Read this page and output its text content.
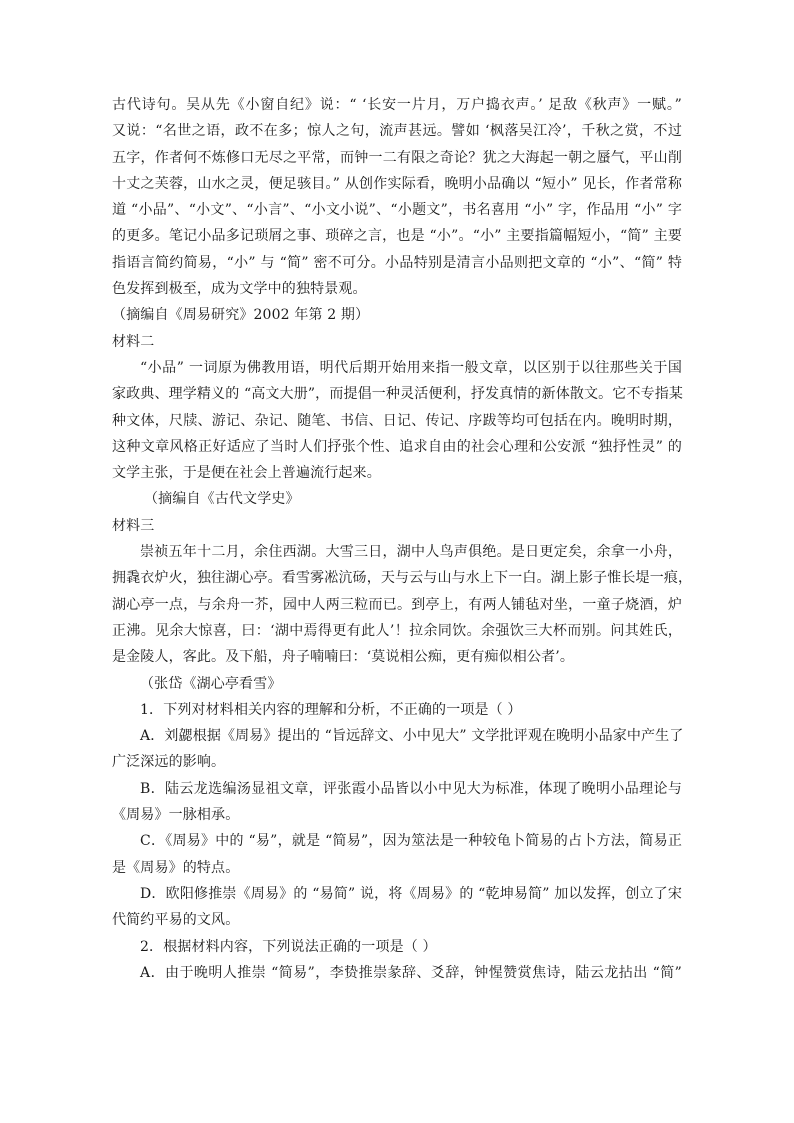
古代诗句。吴从先《小窗自纪》说：“ ‘长安一片月，万户捣衣声。’ 足敌《秋声》一赋。”
又说：“名世之语，政不在多；惊人之句，流声甚远。譬如 ‘枫落吴江冷’，千秋之赏，不过
五字，作者何不炼修口无尽之平常，而钟一二有限之奇论？犹之大海起一朝之蜃气，平山削
十丈之芙蓉，山水之灵，便足骇目。” 从创作实际看，晚明小品确以 “短小” 见长，作者常称
道 “小品”、“小文”、“小言”、“小文小说”、“小题文”，书名喜用 “小” 字，作品用 “小” 字
的更多。笔记小品多记琐屑之事、琐碎之言，也是 “小”。“小” 主要指篇幅短小，“简” 主要
指语言简约简易，“小” 与 “简” 密不可分。小品特别是清言小品则把文章的 “小”、“简” 特
色发挥到极至，成为文学中的独特景观。
（摘编自《周易研究》2002 年第 2 期）
材料二
“小品” 一词原为佛教用语，明代后期开始用来指一般文章，以区别于以往那些关于国
家政典、理学精义的 “高文大册”，而提倡一种灵活便利，抒发真情的新体散文。它不专指某
种文体，尺牍、游记、杂记、随笔、书信、日记、传记、序跋等均可包括在内。晚明时期，
这种文章风格正好适应了当时人们抒张个性、追求自由的社会心理和公安派 “独抒性灵” 的
文学主张，于是便在社会上普遍流行起来。
（摘编自《古代文学史》
材料三
崇祯五年十二月，余住西湖。大雪三日，湖中人鸟声俱绝。是日更定矣，余拿一小舟，
拥毳衣炉火，独往湖心亭。看雪雾凇沆砀，天与云与山与水上下一白。湖上影子惟长堤一痕，
湖心亭一点，与余舟一芥，园中人两三粒而已。到亭上，有两人铺毡对坐，一童子烧酒，炉
正沸。见余大惊喜，曰：‘湖中焉得更有此人’！拉余同饮。余强饮三大杯而别。问其姓氏，
是金陵人，客此。及下船，舟子喃喃曰：‘莫说相公痴，更有痴似相公者’。
（张岱《湖心亭看雪》
1．下列对材料相关内容的理解和分析，不正确的一项是（ ）
A．刘勰根据《周易》提出的 “旨远辞文、小中见大” 文学批评观在晚明小品家中产生了
广泛深远的影响。
B．陆云龙选编汤显祖文章，评张霞小品皆以小中见大为标准，体现了晚明小品理论与
《周易》一脉相承。
C．《周易》中的 “易”，就是 “简易”，因为筮法是一种较龟卜简易的占卜方法，简易正
是《周易》的特点。
D．欧阳修推崇《周易》的 “易简” 说，将《周易》的 “乾坤易简” 加以发挥，创立了宋
代简约平易的文风。
2．根据材料内容，下列说法正确的一项是（ ）
A．由于晚明人推崇 “简易”，李贽推崇彖辞、爻辞，钟惺赞赏焦诗，陆云龙拈出 “简”
